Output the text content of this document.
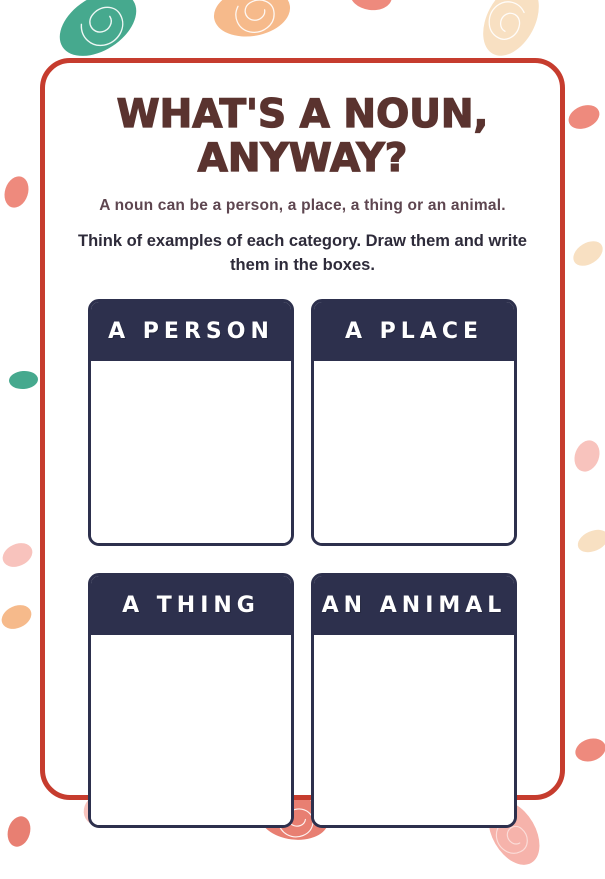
WHAT'S A NOUN, ANYWAY?

A noun can be a person, a place, a thing or an animal.

Think of examples of each category. Draw them and write them in the boxes.

A PERSON	A PLACE
A THING	AN ANIMAL
